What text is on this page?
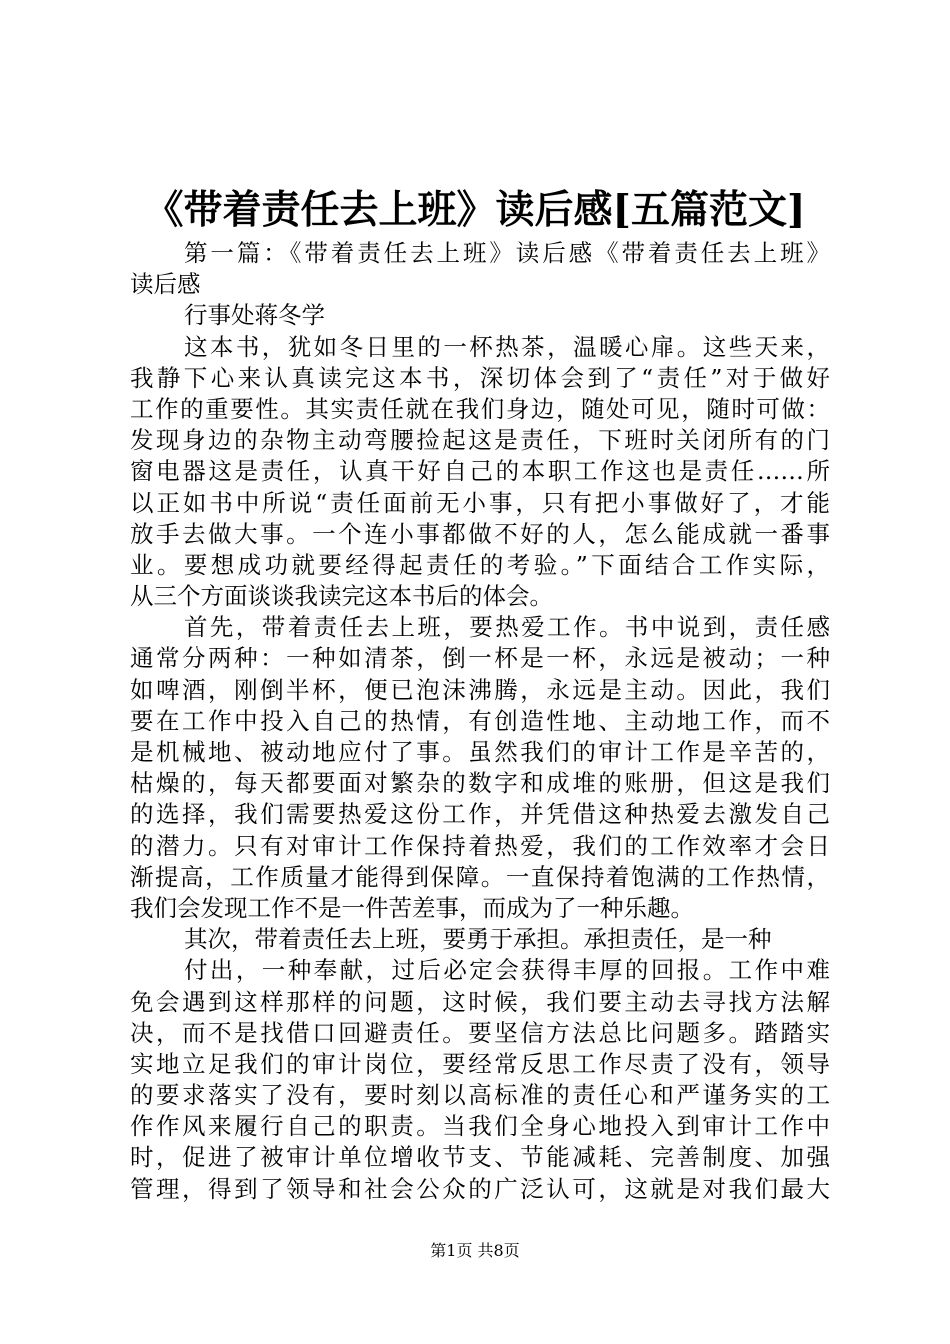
《带着责任去上班》读后感[五篇范文]
第一篇：《带着责任去上班》读后感《带着责任去上班》
读后感
行事处蒋冬学
这本书，犹如冬日里的一杯热茶，温暖心扉。这些天来，
我静下心来认真读完这本书，深切体会到了“责任”对于做好
工作的重要性。其实责任就在我们身边，随处可见，随时可做：
发现身边的杂物主动弯腰捡起这是责任，下班时关闭所有的门
窗电器这是责任，认真干好自己的本职工作这也是责任……所
以正如书中所说“责任面前无小事，只有把小事做好了，才能
放手去做大事。一个连小事都做不好的人，怎么能成就一番事
业。要想成功就要经得起责任的考验。”下面结合工作实际，
从三个方面谈谈我读完这本书后的体会。
首先，带着责任去上班，要热爱工作。书中说到，责任感
通常分两种：一种如清茶，倒一杯是一杯，永远是被动；一种
如啤酒，刚倒半杯，便已泡沫沸腾，永远是主动。因此，我们
要在工作中投入自己的热情，有创造性地、主动地工作，而不
是机械地、被动地应付了事。虽然我们的审计工作是辛苦的，
枯燥的，每天都要面对繁杂的数字和成堆的账册，但这是我们
的选择，我们需要热爱这份工作，并凭借这种热爱去激发自己
的潜力。只有对审计工作保持着热爱，我们的工作效率才会日
渐提高，工作质量才能得到保障。一直保持着饱满的工作热情，
我们会发现工作不是一件苦差事，而成为了一种乐趣。
其次，带着责任去上班，要勇于承担。承担责任，是一种
付出，一种奉献，过后必定会获得丰厚的回报。工作中难
免会遇到这样那样的问题，这时候，我们要主动去寻找方法解
决，而不是找借口回避责任。要坚信方法总比问题多。踏踏实
实地立足我们的审计岗位，要经常反思工作尽责了没有，领导
的要求落实了没有，要时刻以高标准的责任心和严谨务实的工
作作风来履行自己的职责。当我们全身心地投入到审计工作中
时，促进了被审计单位增收节支、节能减耗、完善制度、加强
管理，得到了领导和社会公众的广泛认可，这就是对我们最大
第1页 共8页
